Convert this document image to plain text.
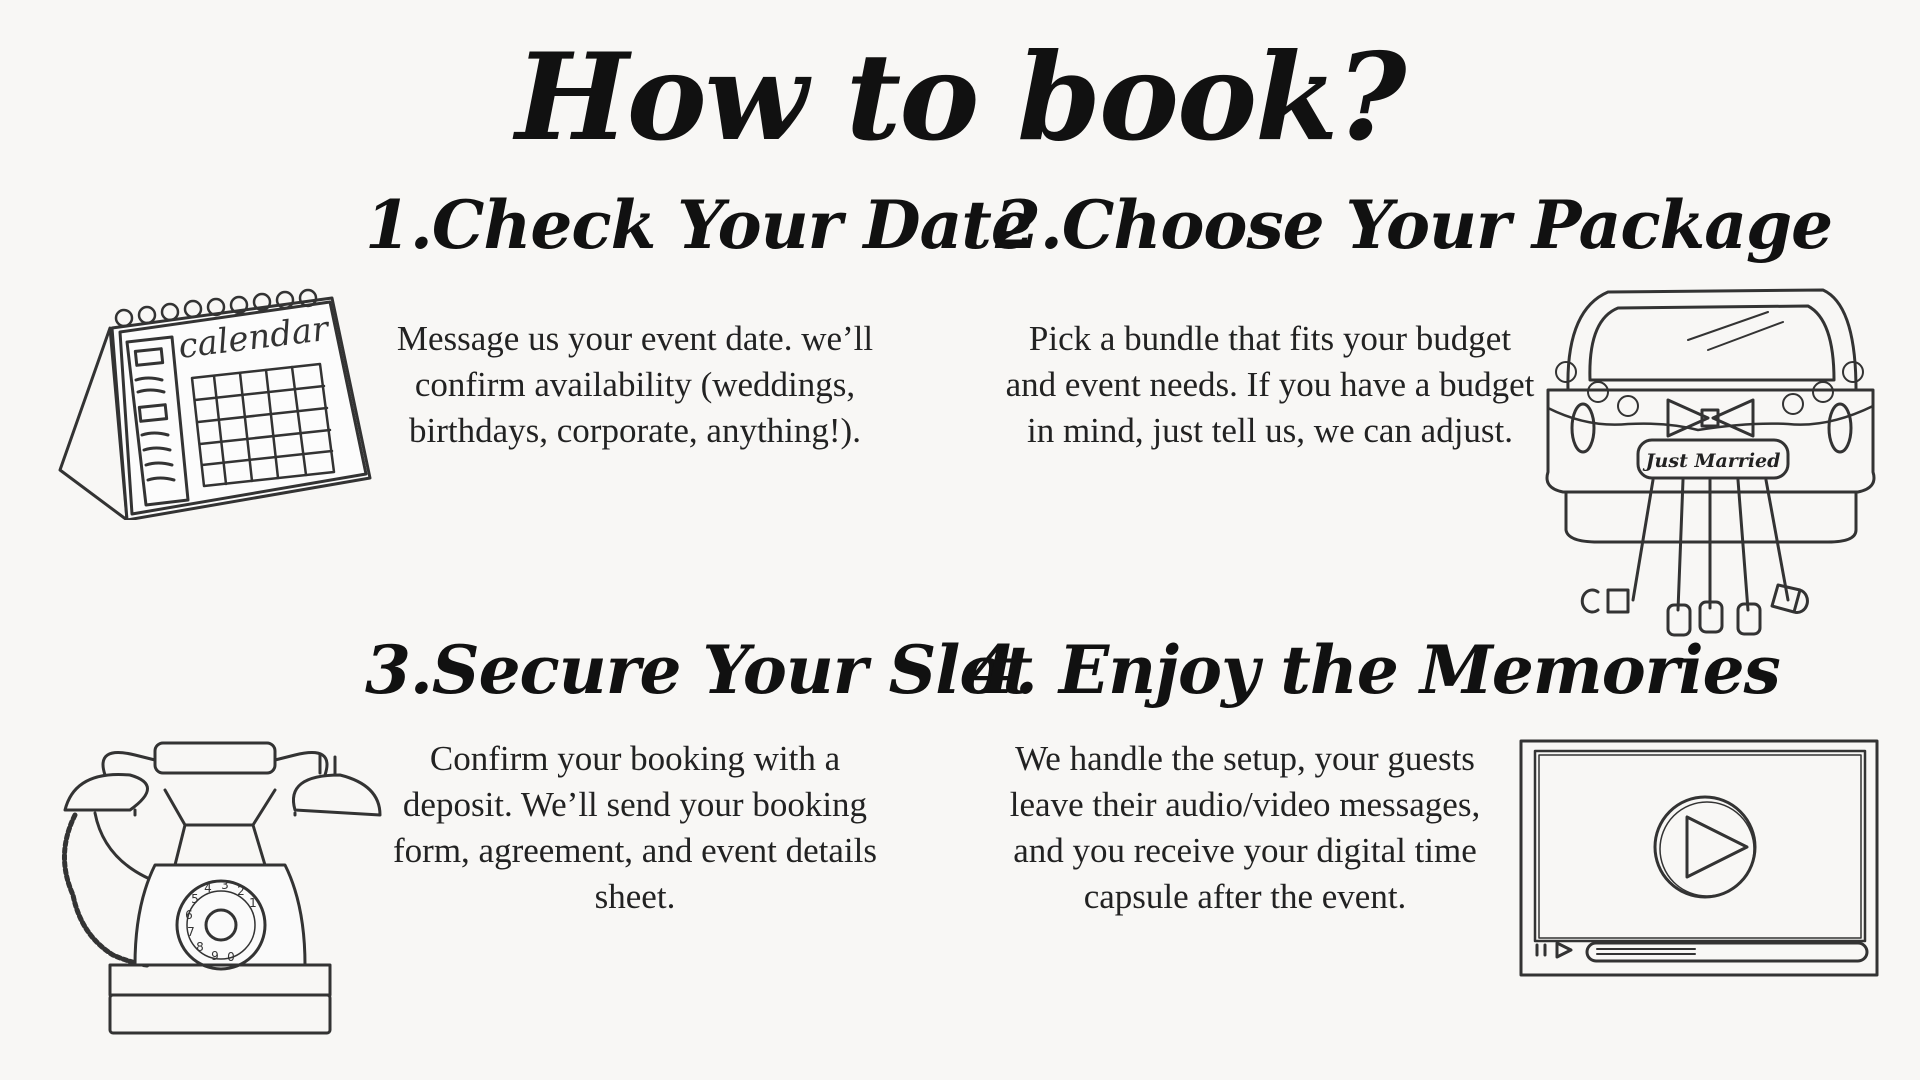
How to book?
1.Check Your Date
Message us your event date. we’ll confirm availability (weddings, birthdays, corporate, anything!).
calendar
2.Choose Your Package
Pick a bundle that fits your budget and event needs. If you have a budget in mind, just tell us, we can adjust.
Just Married
3.Secure Your Slot
Confirm your booking with a deposit. We’ll send your booking form, agreement, and event details sheet.
1
2
3
4
5
6
7
8
9 0
4. Enjoy the Memories
We handle the setup, your guests leave their audio/video messages, and you receive your digital time capsule after the event.
